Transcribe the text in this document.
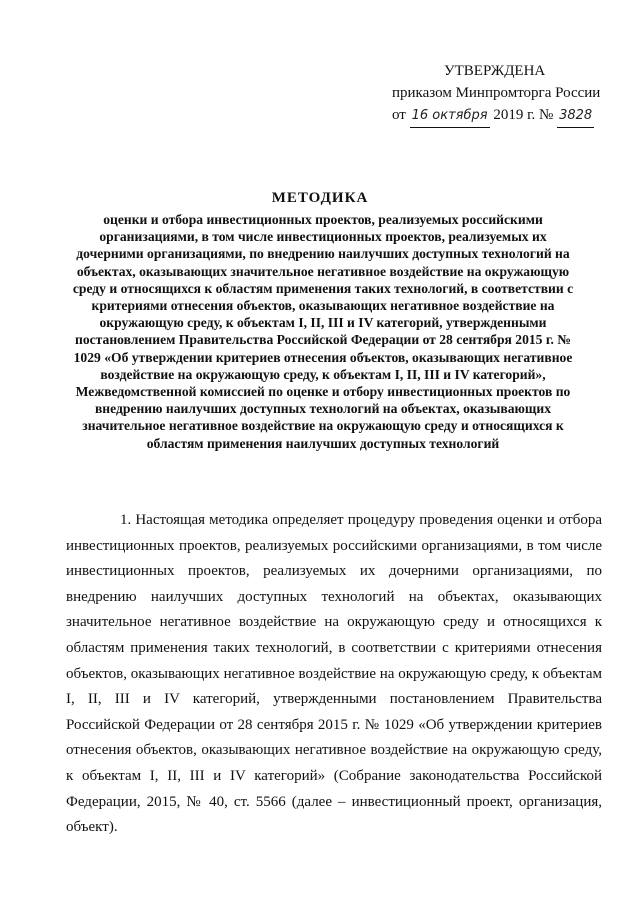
УТВЕРЖДЕНА
приказом Минпромторга России
от 16 октября 2019 г. № 3828
МЕТОДИКА
оценки и отбора инвестиционных проектов, реализуемых российскими организациями, в том числе инвестиционных проектов, реализуемых их дочерними организациями, по внедрению наилучших доступных технологий на объектах, оказывающих значительное негативное воздействие на окружающую среду и относящихся к областям применения таких технологий, в соответствии с критериями отнесения объектов, оказывающих негативное воздействие на окружающую среду, к объектам I, II, III и IV категорий, утвержденными постановлением Правительства Российской Федерации от 28 сентября 2015 г. № 1029 «Об утверждении критериев отнесения объектов, оказывающих негативное воздействие на окружающую среду, к объектам I, II, III и IV категорий», Межведомственной комиссией по оценке и отбору инвестиционных проектов по внедрению наилучших доступных технологий на объектах, оказывающих значительное негативное воздействие на окружающую среду и относящихся к областям применения наилучших доступных технологий
1. Настоящая методика определяет процедуру проведения оценки и отбора инвестиционных проектов, реализуемых российскими организациями, в том числе инвестиционных проектов, реализуемых их дочерними организациями, по внедрению наилучших доступных технологий на объектах, оказывающих значительное негативное воздействие на окружающую среду и относящихся к областям применения таких технологий, в соответствии с критериями отнесения объектов, оказывающих негативное воздействие на окружающую среду, к объектам I, II, III и IV категорий, утвержденными постановлением Правительства Российской Федерации от 28 сентября 2015 г. № 1029 «Об утверждении критериев отнесения объектов, оказывающих негативное воздействие на окружающую среду, к объектам I, II, III и IV категорий» (Собрание законодательства Российской Федерации, 2015, № 40, ст. 5566 (далее – инвестиционный проект, организация, объект).
